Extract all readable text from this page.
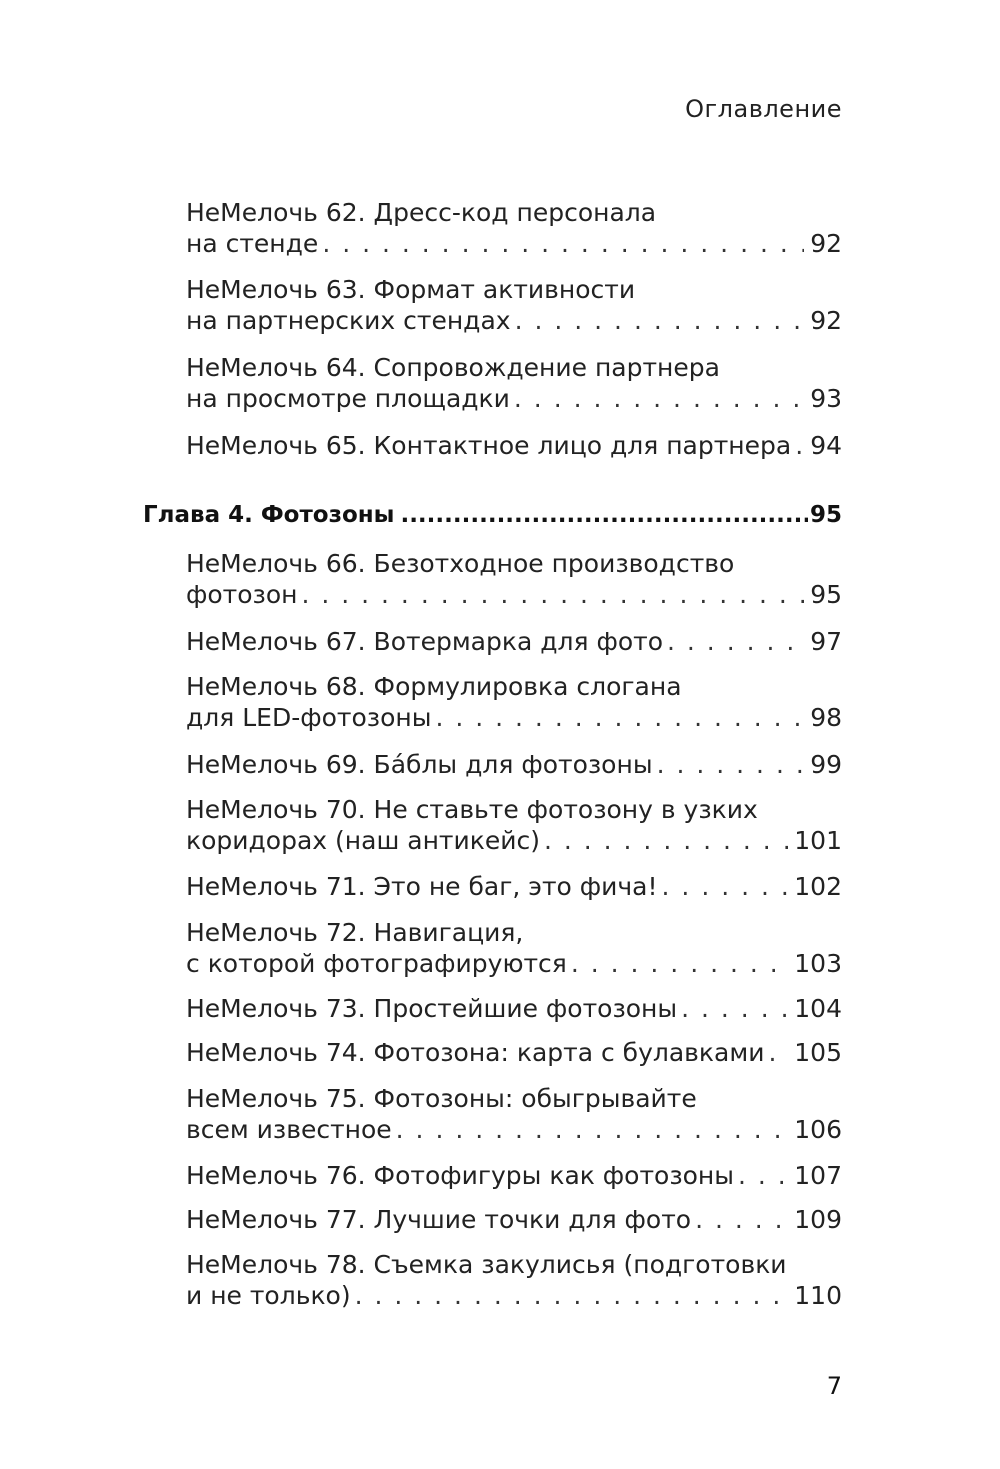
Оглавление
НеМелочь 62. Дресс-код персонала
на стенде . . .	92
НеМелочь 63. Формат активности
на партнерских стендах . . .	92
НеМелочь 64. Сопровождение партнера
на просмотре площадки . . .	93
НеМелочь 65. Контактное лицо для партнера . . . 94
Глава 4. Фотозоны .....	95
НеМелочь 66. Безотходное производство
фотозон . . .	95
НеМелочь 67. Вотермарка для фото . . .	97
НеМелочь 68. Формулировка слогана
для LED-фотозоны . . .	98
НеМелочь 69. Ба́блы для фотозоны . . .	99
НеМелочь 70. Не ставьте фотозону в узких
коридорах (наш антикейс) . . .	101
НеМелочь 71. Это не баг, это фича! . . .	102
НеМелочь 72. Навигация,
с которой фотографируются . . .	103
НеМелочь 73. Простейшие фотозоны . . .	104
НеМелочь 74. Фотозона: карта с булавками . . . 105
НеМелочь 75. Фотозоны: обыгрывайте
всем известное . . .	106
НеМелочь 76. Фотофигуры как фотозоны . . . 107
НеМелочь 77. Лучшие точки для фото . . .	109
НеМелочь 78. Съемка закулисья (подготовки
и не только) . . .	110
7
